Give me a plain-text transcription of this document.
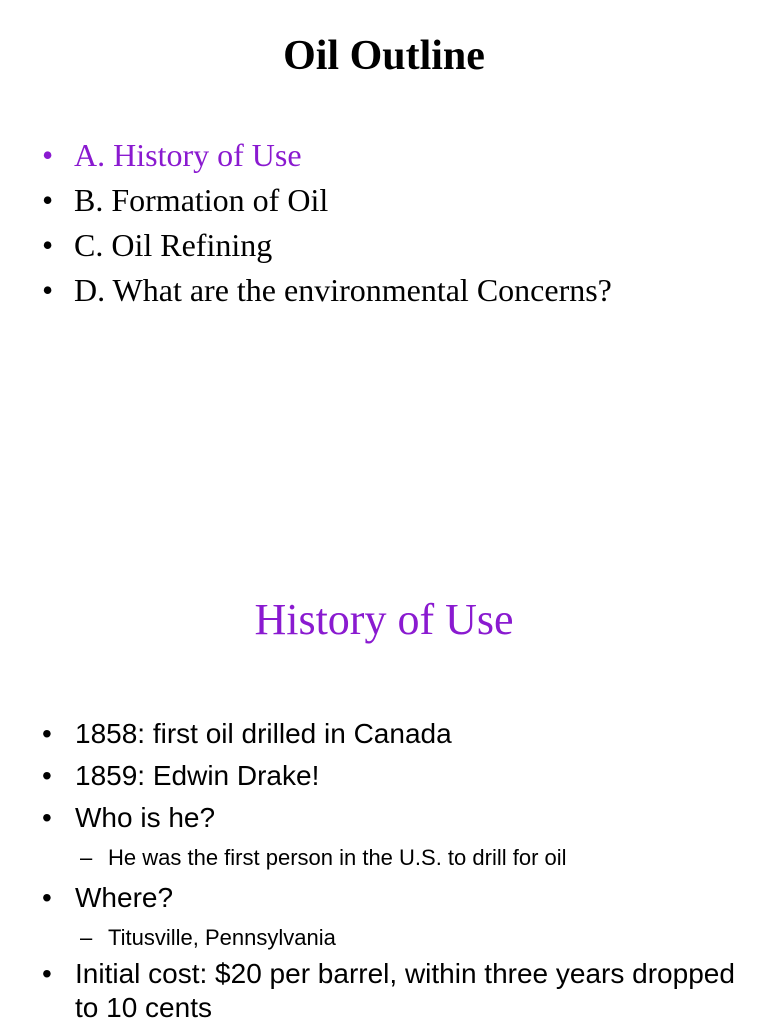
Oil Outline
• A. History of Use
• B. Formation of Oil
• C. Oil Refining
• D. What are the environmental Concerns?
History of Use
• 1858: first oil drilled in Canada
• 1859: Edwin Drake!
• Who is he?
– He was the first person in the U.S. to drill for oil
• Where?
– Titusville, Pennsylvania
• Initial cost: $20 per barrel, within three years dropped to 10 cents
